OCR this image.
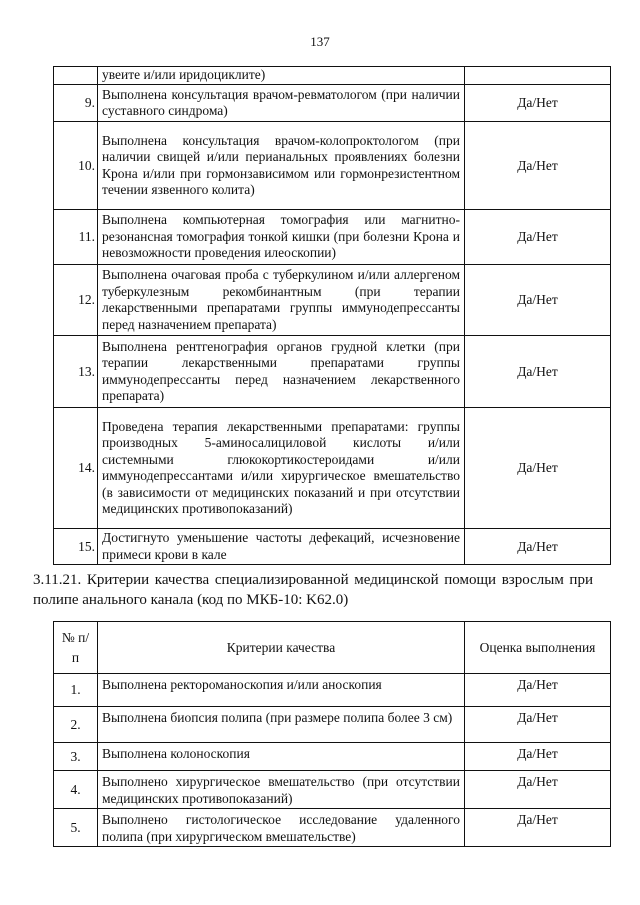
137
	увеите и/или иридоциклите)	
9.	Выполнена консультация врачом-ревматологом (при наличии суставного синдрома)	Да/Нет
10.	Выполнена консультация врачом-колопроктологом (при наличии свищей и/или перианальных проявлениях болезни Крона и/или при гормонзависимом или гормонрезистентном течении язвенного колита)	Да/Нет
11.	Выполнена компьютерная томография или магнитно-резонансная томография тонкой кишки (при болезни Крона и невозможности проведения илеоскопии)	Да/Нет
12.	Выполнена очаговая проба с туберкулином и/или аллергеном туберкулезным рекомбинантным (при терапии лекарственными препаратами группы иммунодепрессанты перед назначением препарата)	Да/Нет
13.	Выполнена рентгенография органов грудной клетки (при терапии лекарственными препаратами группы иммунодепрессанты перед назначением лекарственного препарата)	Да/Нет
14.	Проведена терапия лекарственными препаратами: группы производных 5-аминосалициловой кислоты и/или системными глюкокортикостероидами и/или иммунодепрессантами и/или хирургическое вмешательство (в зависимости от медицинских показаний и при отсутствии медицинских противопоказаний)	Да/Нет
15.	Достигнуто уменьшение частоты дефекаций, исчезновение примеси крови в кале	Да/Нет
3.11.21. Критерии качества специализированной медицинской помощи взрослым при полипе анального канала (код по МКБ-10: K62.0)
№ п/п	Критерии качества	Оценка выполнения
1.	Выполнена ректороманоскопия и/или аноскопия	Да/Нет
2.	Выполнена биопсия полипа (при размере полипа более 3 см)	Да/Нет
3.	Выполнена колоноскопия	Да/Нет
4.	Выполнено хирургическое вмешательство (при отсутствии медицинских противопоказаний)	Да/Нет
5.	Выполнено гистологическое исследование удаленного полипа (при хирургическом вмешательстве)	Да/Нет
